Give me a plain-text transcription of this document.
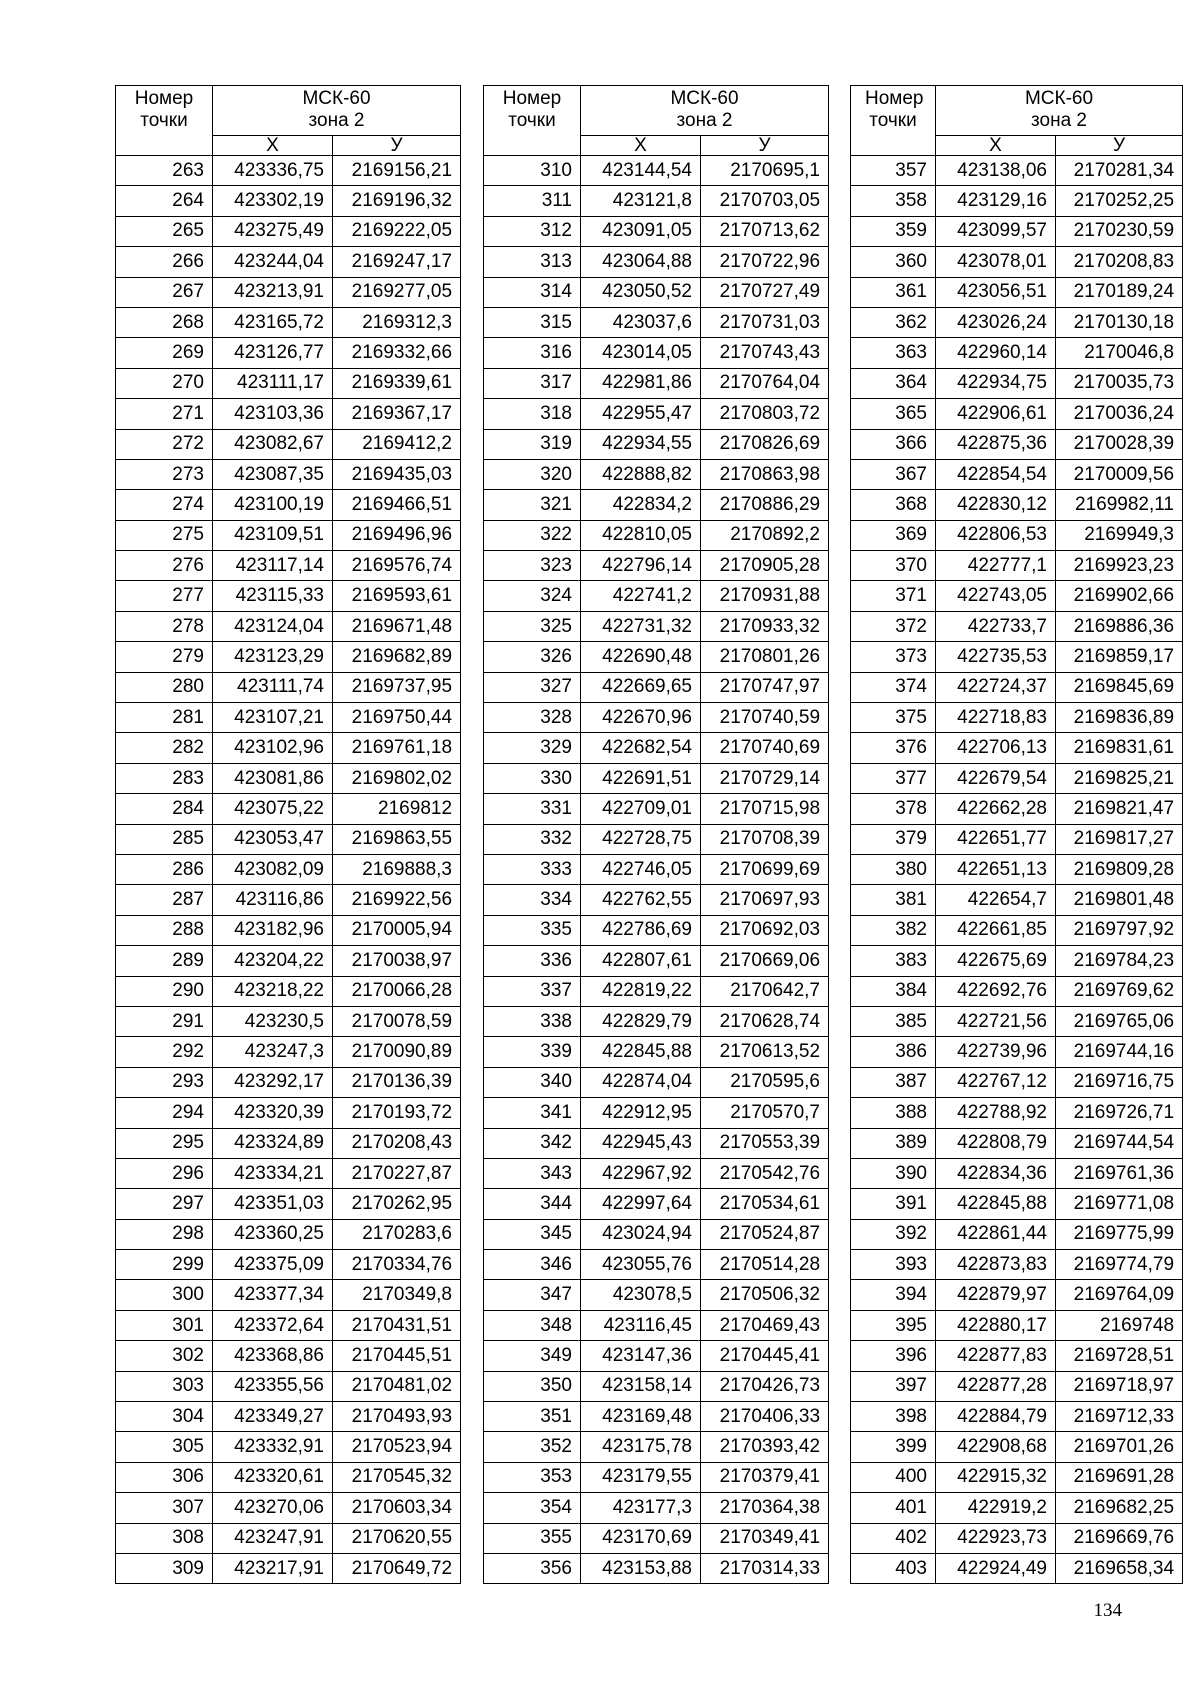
Номер точки	МСК-60
зона 2	

	Х	У
263	423336,75	2169156,21
264	423302,19	2169196,32
265	423275,49	2169222,05
266	423244,04	2169247,17
267	423213,91	2169277,05
268	423165,72	2169312,3
269	423126,77	2169332,66
270	423111,17	2169339,61
271	423103,36	2169367,17
272	423082,67	2169412,2
273	423087,35	2169435,03
274	423100,19	2169466,51
275	423109,51	2169496,96
276	423117,14	2169576,74
277	423115,33	2169593,61
278	423124,04	2169671,48
279	423123,29	2169682,89
280	423111,74	2169737,95
281	423107,21	2169750,44
282	423102,96	2169761,18
283	423081,86	2169802,02
284	423075,22	2169812
285	423053,47	2169863,55
286	423082,09	2169888,3
287	423116,86	2169922,56
288	423182,96	2170005,94
289	423204,22	2170038,97
290	423218,22	2170066,28
291	423230,5	2170078,59
292	423247,3	2170090,89
293	423292,17	2170136,39
294	423320,39	2170193,72
295	423324,89	2170208,43
296	423334,21	2170227,87
297	423351,03	2170262,95
298	423360,25	2170283,6
299	423375,09	2170334,76
300	423377,34	2170349,8
301	423372,64	2170431,51
302	423368,86	2170445,51
303	423355,56	2170481,02
304	423349,27	2170493,93
305	423332,91	2170523,94
306	423320,61	2170545,32
307	423270,06	2170603,34
308	423247,91	2170620,55
309	423217,91	2170649,72
Номер точки	МСК-60
зона 2	

	Х	У
310	423144,54	2170695,1
311	423121,8	2170703,05
312	423091,05	2170713,62
313	423064,88	2170722,96
314	423050,52	2170727,49
315	423037,6	2170731,03
316	423014,05	2170743,43
317	422981,86	2170764,04
318	422955,47	2170803,72
319	422934,55	2170826,69
320	422888,82	2170863,98
321	422834,2	2170886,29
322	422810,05	2170892,2
323	422796,14	2170905,28
324	422741,2	2170931,88
325	422731,32	2170933,32
326	422690,48	2170801,26
327	422669,65	2170747,97
328	422670,96	2170740,59
329	422682,54	2170740,69
330	422691,51	2170729,14
331	422709,01	2170715,98
332	422728,75	2170708,39
333	422746,05	2170699,69
334	422762,55	2170697,93
335	422786,69	2170692,03
336	422807,61	2170669,06
337	422819,22	2170642,7
338	422829,79	2170628,74
339	422845,88	2170613,52
340	422874,04	2170595,6
341	422912,95	2170570,7
342	422945,43	2170553,39
343	422967,92	2170542,76
344	422997,64	2170534,61
345	423024,94	2170524,87
346	423055,76	2170514,28
347	423078,5	2170506,32
348	423116,45	2170469,43
349	423147,36	2170445,41
350	423158,14	2170426,73
351	423169,48	2170406,33
352	423175,78	2170393,42
353	423179,55	2170379,41
354	423177,3	2170364,38
355	423170,69	2170349,41
356	423153,88	2170314,33
Номер точки	МСК-60
зона 2	

	Х	У
357	423138,06	2170281,34
358	423129,16	2170252,25
359	423099,57	2170230,59
360	423078,01	2170208,83
361	423056,51	2170189,24
362	423026,24	2170130,18
363	422960,14	2170046,8
364	422934,75	2170035,73
365	422906,61	2170036,24
366	422875,36	2170028,39
367	422854,54	2170009,56
368	422830,12	2169982,11
369	422806,53	2169949,3
370	422777,1	2169923,23
371	422743,05	2169902,66
372	422733,7	2169886,36
373	422735,53	2169859,17
374	422724,37	2169845,69
375	422718,83	2169836,89
376	422706,13	2169831,61
377	422679,54	2169825,21
378	422662,28	2169821,47
379	422651,77	2169817,27
380	422651,13	2169809,28
381	422654,7	2169801,48
382	422661,85	2169797,92
383	422675,69	2169784,23
384	422692,76	2169769,62
385	422721,56	2169765,06
386	422739,96	2169744,16
387	422767,12	2169716,75
388	422788,92	2169726,71
389	422808,79	2169744,54
390	422834,36	2169761,36
391	422845,88	2169771,08
392	422861,44	2169775,99
393	422873,83	2169774,79
394	422879,97	2169764,09
395	422880,17	2169748
396	422877,83	2169728,51
397	422877,28	2169718,97
398	422884,79	2169712,33
399	422908,68	2169701,26
400	422915,32	2169691,28
401	422919,2	2169682,25
402	422923,73	2169669,76
403	422924,49	2169658,34
134
